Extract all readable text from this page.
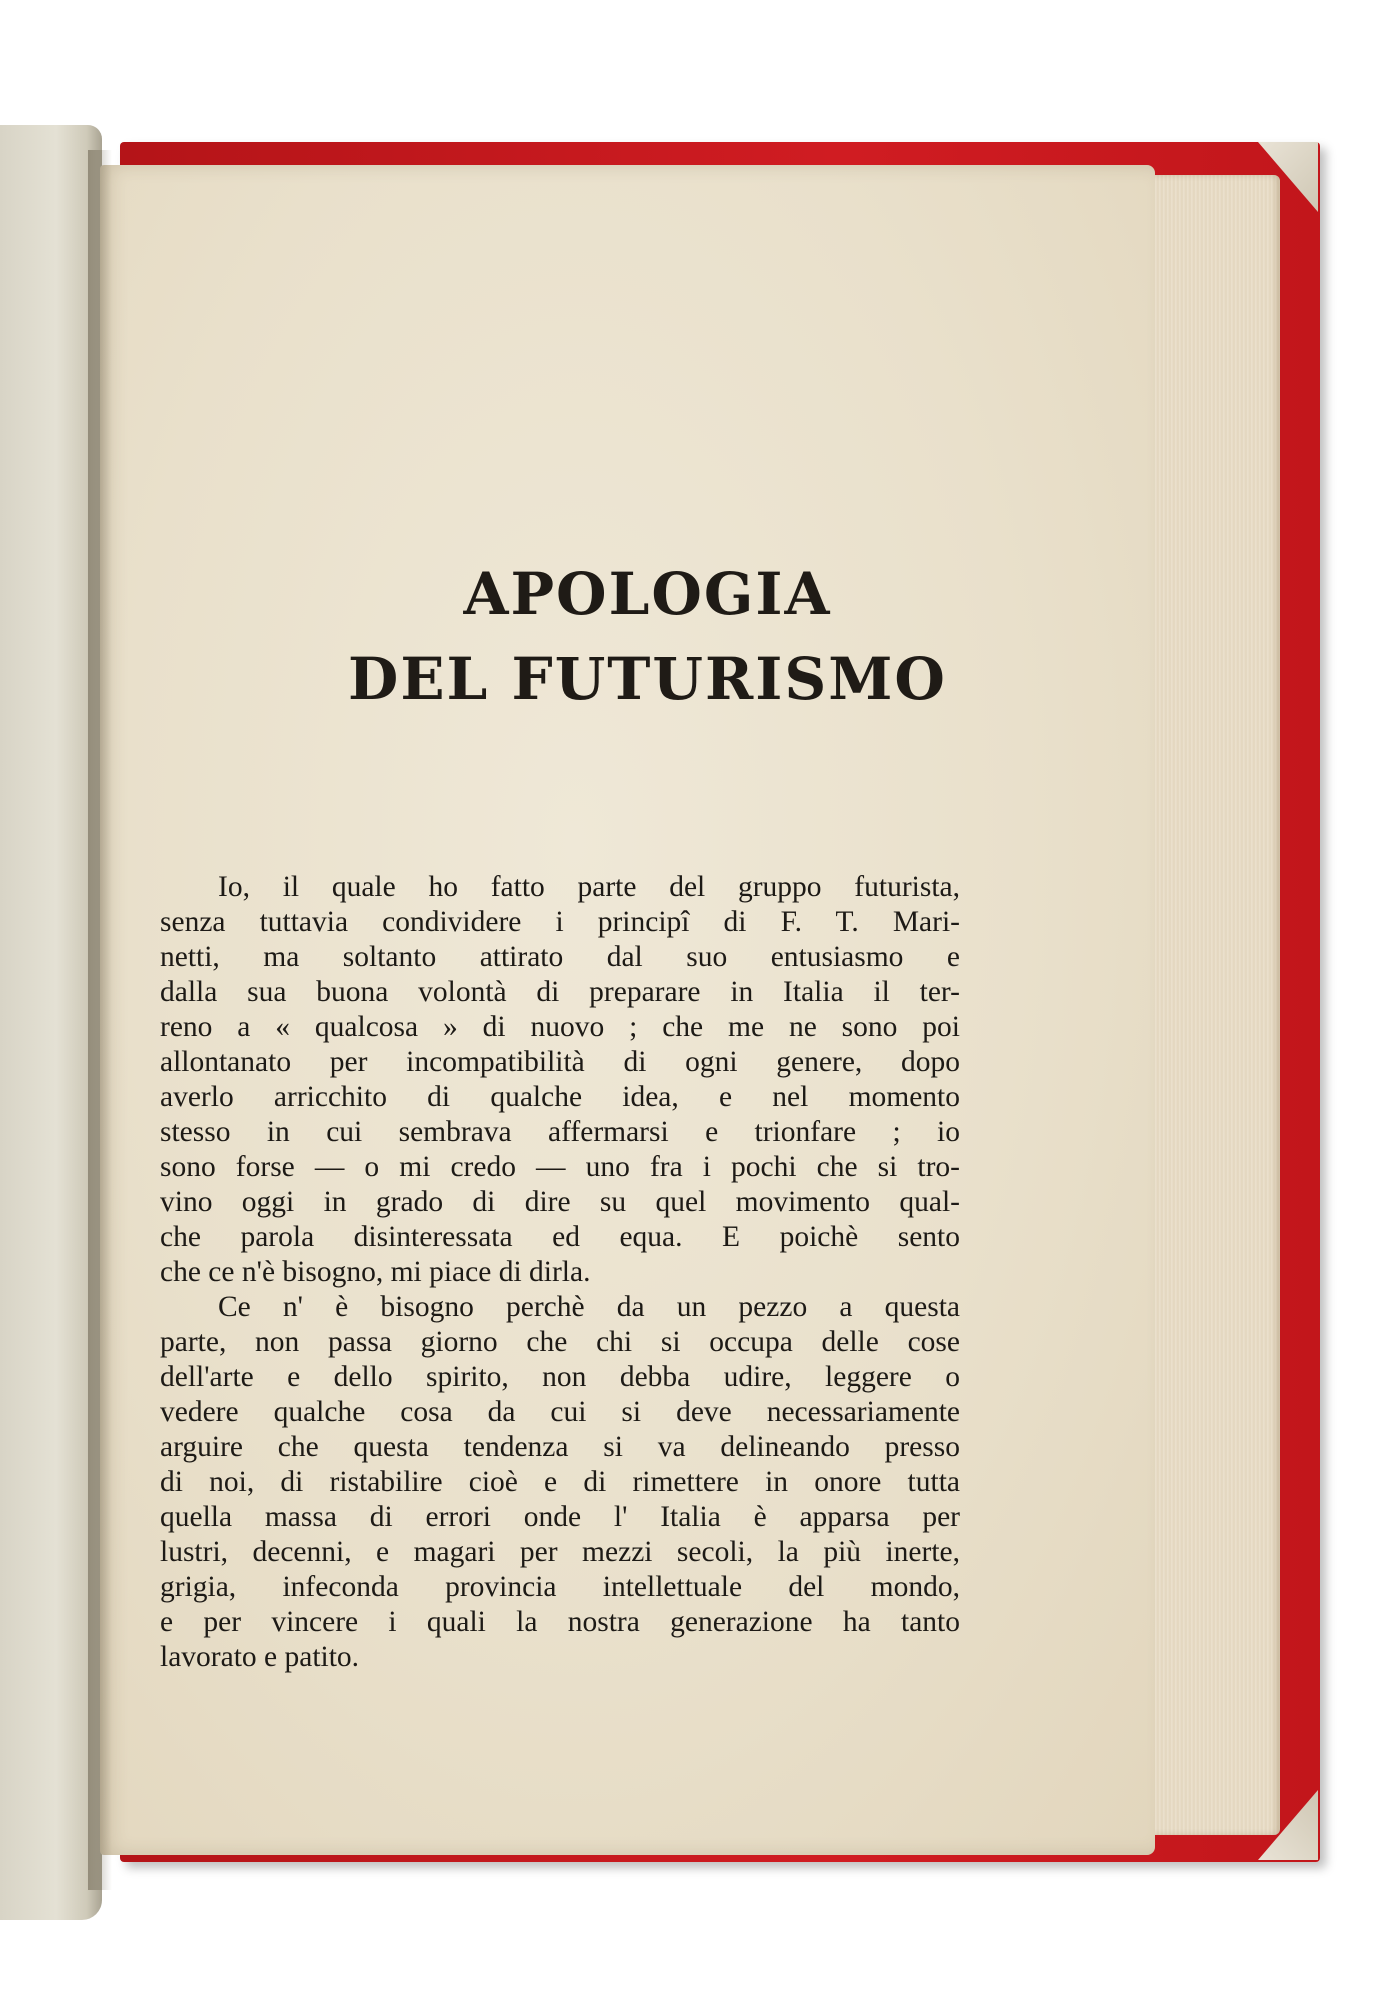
APOLOGIA
DEL FUTURISMO
Io, il quale ho fatto parte del gruppo futurista,
senza tuttavia condividere i principî di F. T. Mari-
netti, ma soltanto attirato dal suo entusiasmo e
dalla sua buona volontà di preparare in Italia il ter-
reno a « qualcosa » di nuovo ; che me ne sono poi
allontanato per incompatibilità di ogni genere, dopo
averlo arricchito di qualche idea, e nel momento
stesso in cui sembrava affermarsi e trionfare ; io
sono forse — o mi credo — uno fra i pochi che si tro-
vino oggi in grado di dire su quel movimento qual-
che parola disinteressata ed equa. E poichè sento
che ce n'è bisogno, mi piace di dirla.
Ce n' è bisogno perchè da un pezzo a questa
parte, non passa giorno che chi si occupa delle cose
dell'arte e dello spirito, non debba udire, leggere o
vedere qualche cosa da cui si deve necessariamente
arguire che questa tendenza si va delineando presso
di noi, di ristabilire cioè e di rimettere in onore tutta
quella massa di errori onde l' Italia è apparsa per
lustri, decenni, e magari per mezzi secoli, la più inerte,
grigia, infeconda provincia intellettuale del mondo,
e per vincere i quali la nostra generazione ha tanto
lavorato e patito.
